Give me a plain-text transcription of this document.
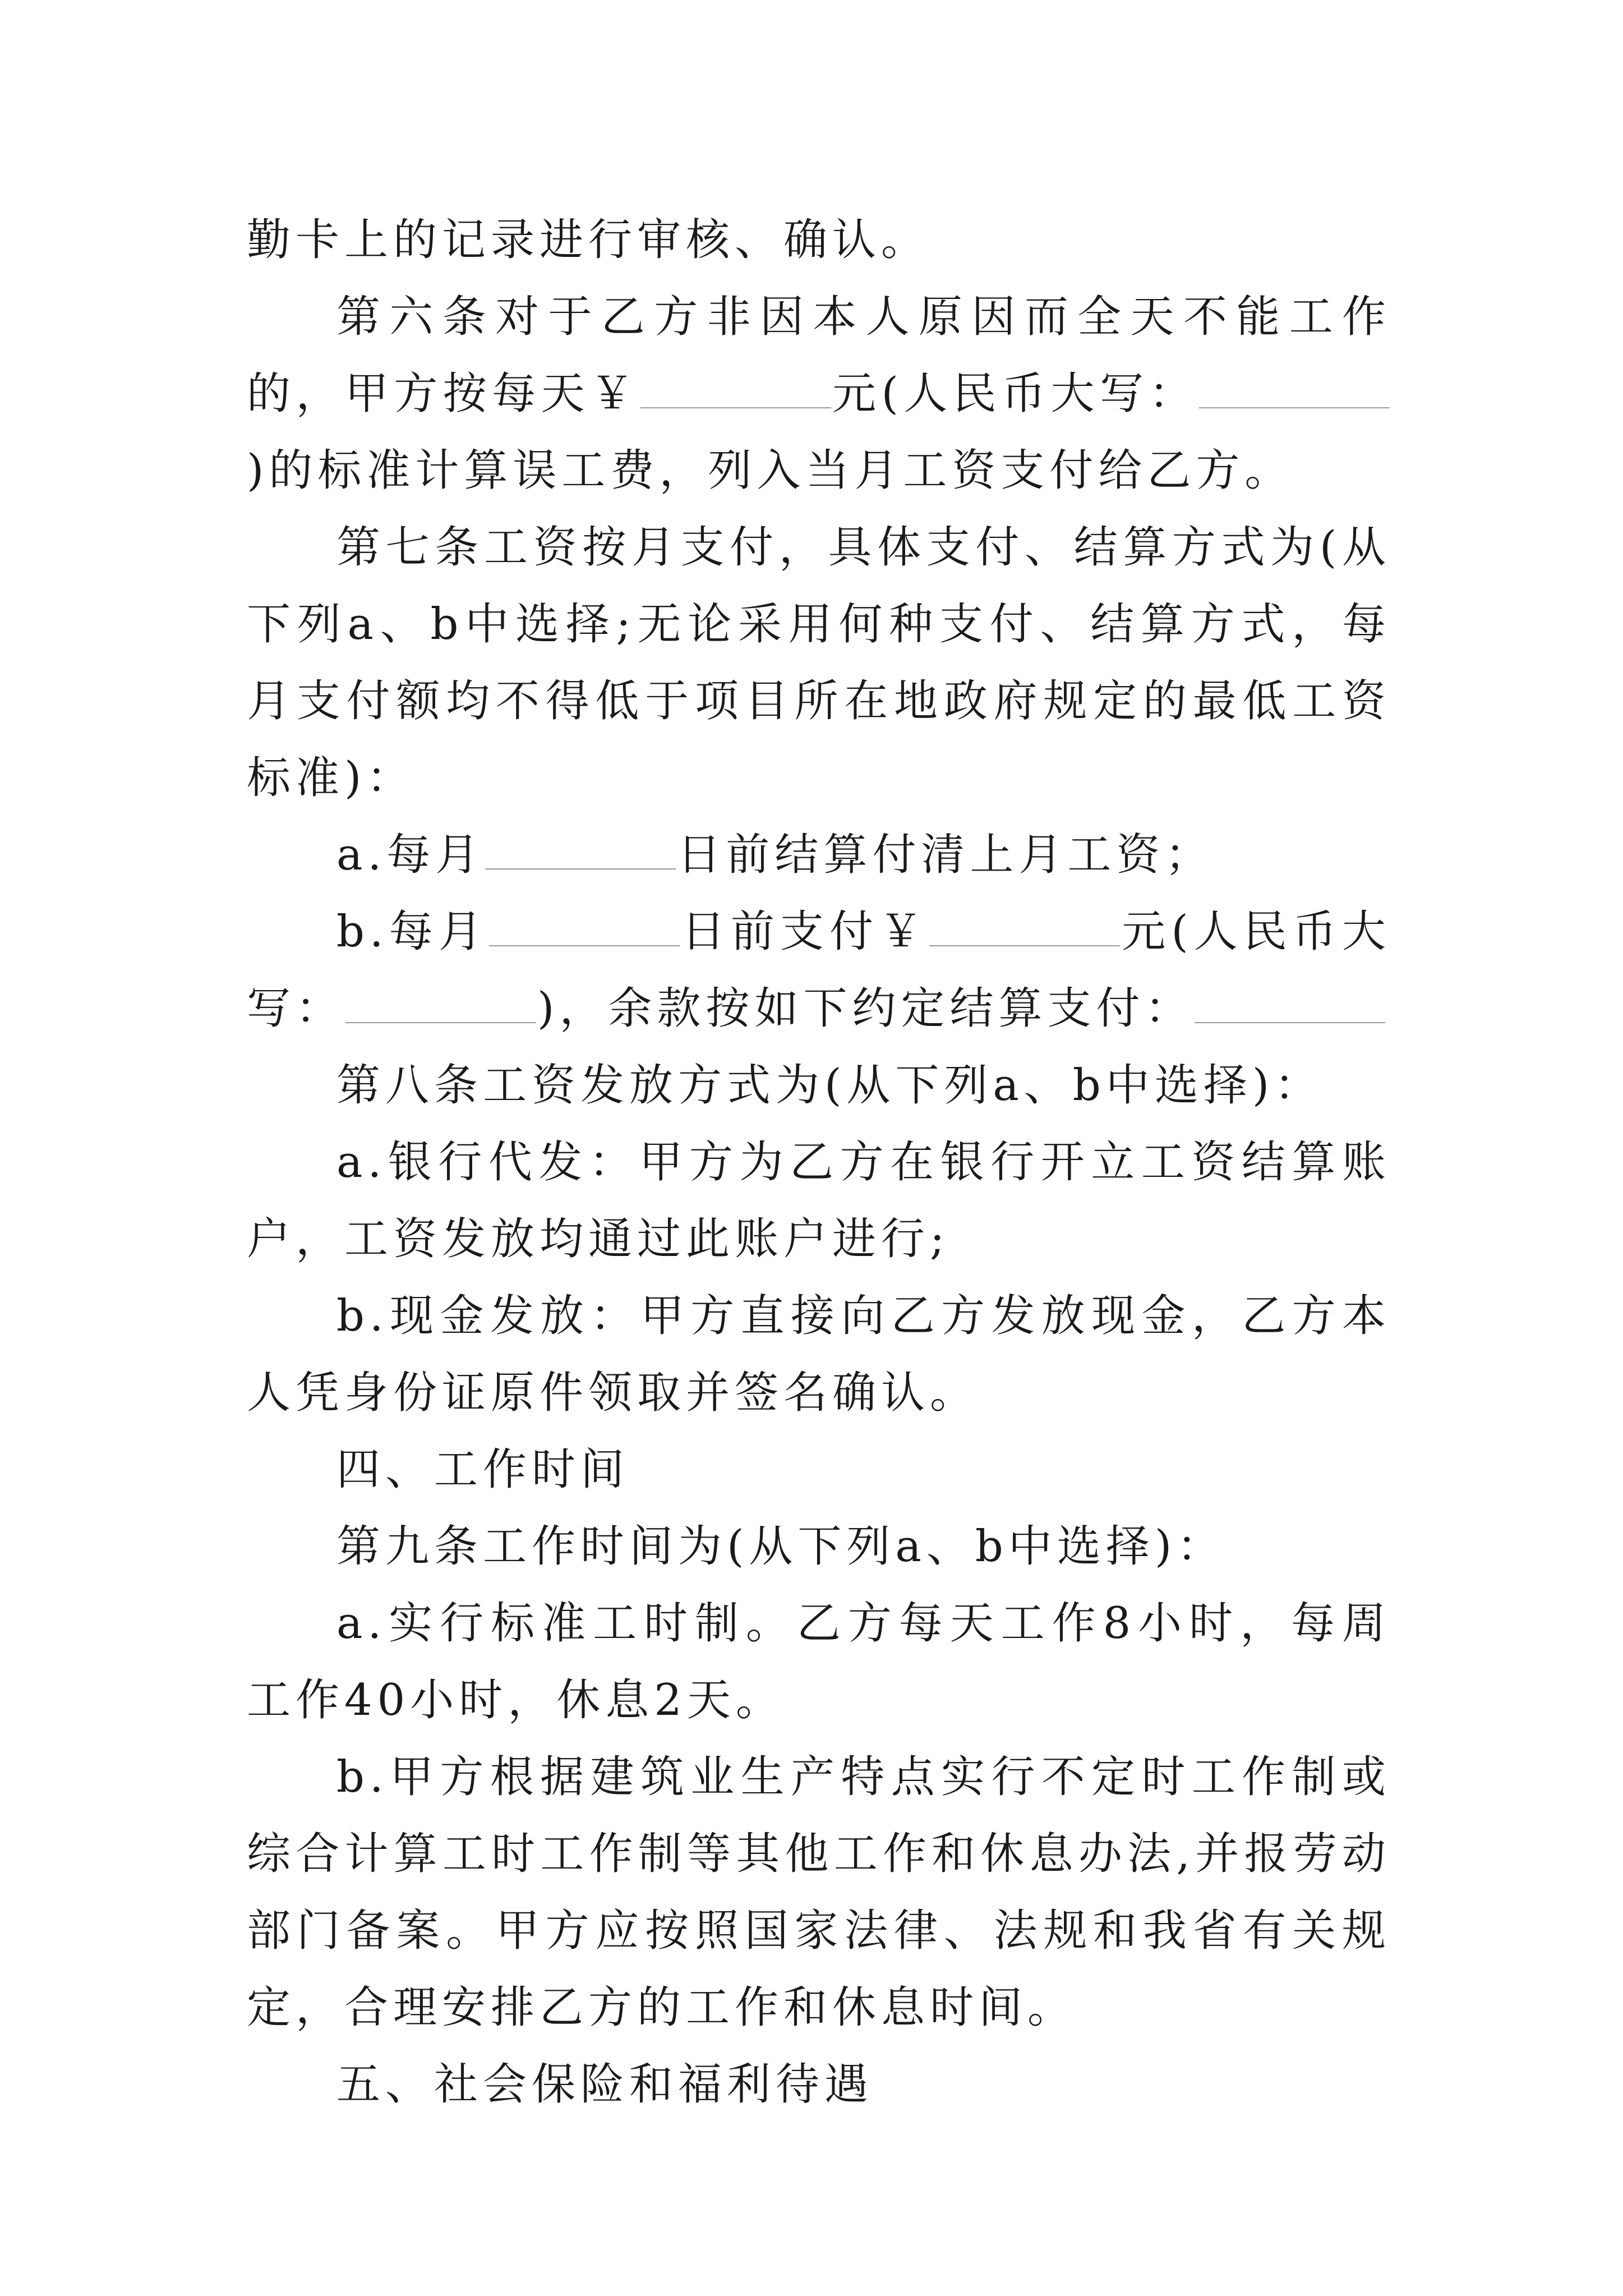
勤卡上的记录进行审核、确认。

第六条对于乙方非因本人原因而全天不能工作的，甲方按每天￥	元(人民币大写：)的标准计算误工费，列入当月工资支付给乙方。

第七条工资按月支付，具体支付、结算方式为(从下列a、b中选择;无论采用何种支付、结算方式，每月支付额均不得低于项目所在地政府规定的最低工资标准)：

a.每月	日前结算付清上月工资；

b.每月	日前支付￥	元(人民币大写：	)，余款按如下约定结算支付：

第八条工资发放方式为(从下列a、b中选择)：

a.银行代发：甲方为乙方在银行开立工资结算账户，工资发放均通过此账户进行;

b.现金发放：甲方直接向乙方发放现金，乙方本人凭身份证原件领取并签名确认。

四、工作时间

第九条工作时间为(从下列a、b中选择)：

a.实行标准工时制。乙方每天工作8小时，每周工作40小时，休息2天。

b.甲方根据建筑业生产特点实行不定时工作制或综合计算工时工作制等其他工作和休息办法,并报劳动部门备案。甲方应按照国家法律、法规和我省有关规定，合理安排乙方的工作和休息时间。

五、社会保险和福利待遇
